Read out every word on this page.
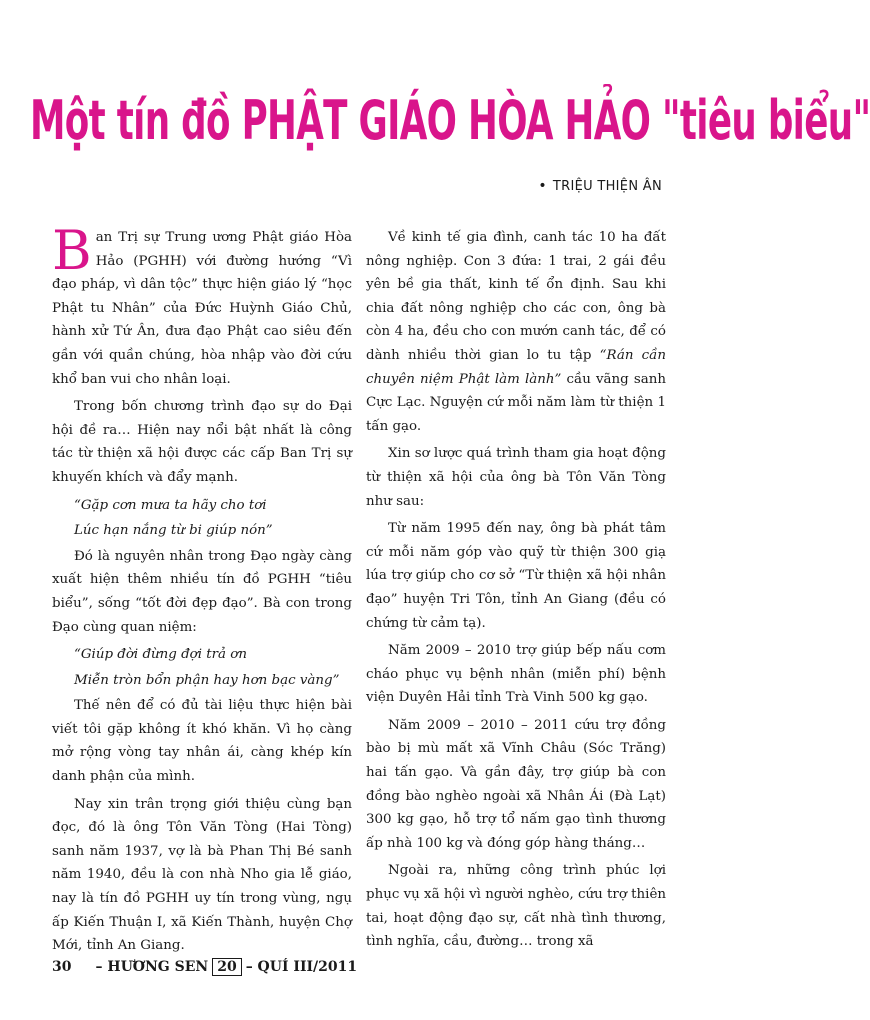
Một tín đồ PHẬT GIÁO HÒA HẢO "tiêu biểu"
• TRIỆU THIỆN ÂN

Ban Trị sự Trung ương Phật giáo Hòa Hảo (PGHH) với đường hướng “Vì đạo pháp, vì dân tộc” thực hiện giáo lý “học Phật tu Nhân” của Đức Huỳnh Giáo Chủ, hành xử Tứ Ân, đưa đạo Phật cao siêu đến gần với quần chúng, hòa nhập vào đời cứu khổ ban vui cho nhân loại.

Trong bốn chương trình đạo sự do Đại hội đề ra… Hiện nay nổi bật nhất là công tác từ thiện xã hội được các cấp Ban Trị sự khuyến khích và đẩy mạnh.

“Gặp cơn mưa ta hãy cho tơi

Lúc hạn nắng từ bi giúp nón”

Đó là nguyên nhân trong Đạo ngày càng xuất hiện thêm nhiều tín đồ PGHH “tiêu biểu”, sống “tốt đời đẹp đạo”. Bà con trong Đạo cùng quan niệm:

“Giúp đời đừng đợi trả ơn

Miễn tròn bổn phận hay hơn bạc vàng”

Thế nên để có đủ tài liệu thực hiện bài viết tôi gặp không ít khó khăn. Vì họ càng mở rộng vòng tay nhân ái, càng khép kín danh phận của mình.

Nay xin trân trọng giới thiệu cùng bạn đọc, đó là ông Tôn Văn Tòng (Hai Tòng) sanh năm 1937, vợ là bà Phan Thị Bé sanh năm 1940, đều là con nhà Nho gia lễ giáo, nay là tín đồ PGHH uy tín trong vùng, ngụ ấp Kiến Thuận I, xã Kiến Thành, huyện Chợ Mới, tỉnh An Giang.

Về kinh tế gia đình, canh tác 10 ha đất nông nghiệp. Con 3 đứa: 1 trai, 2 gái đều yên bề gia thất, kinh tế ổn định. Sau khi chia đất nông nghiệp cho các con, ông bà còn 4 ha, đều cho con mướn canh tác, để có dành nhiều thời gian lo tu tập “Rán cần chuyên niệm Phật làm lành” cầu vãng sanh Cực Lạc. Nguyện cứ mỗi năm làm từ thiện 1 tấn gạo.

Xin sơ lược quá trình tham gia hoạt động từ thiện xã hội của ông bà Tôn Văn Tòng như sau:

Từ năm 1995 đến nay, ông bà phát tâm cứ mỗi năm góp vào quỹ từ thiện 300 giạ lúa trợ giúp cho cơ sở “Từ thiện xã hội nhân đạo” huyện Tri Tôn, tỉnh An Giang (đều có chứng từ cảm tạ).

Năm 2009 – 2010 trợ giúp bếp nấu cơm cháo phục vụ bệnh nhân (miễn phí) bệnh viện Duyên Hải tỉnh Trà Vinh 500 kg gạo.

Năm 2009 – 2010 – 2011 cứu trợ đồng bào bị mù mất xã Vĩnh Châu (Sóc Trăng) hai tấn gạo. Và gần đây, trợ giúp bà con đồng bào nghèo ngoài xã Nhân Ái (Đà Lạt) 300 kg gạo, hỗ trợ tổ nấm gạo tình thương ấp nhà 100 kg và đóng góp hàng tháng…

Ngoài ra, những công trình phúc lợi phục vụ xã hội vì người nghèo, cứu trợ thiên tai, hoạt động đạo sự, cất nhà tình thương, tình nghĩa, cầu, đường… trong xã

30 – HƯƠNG SEN 20 – QUÍ III/2011
